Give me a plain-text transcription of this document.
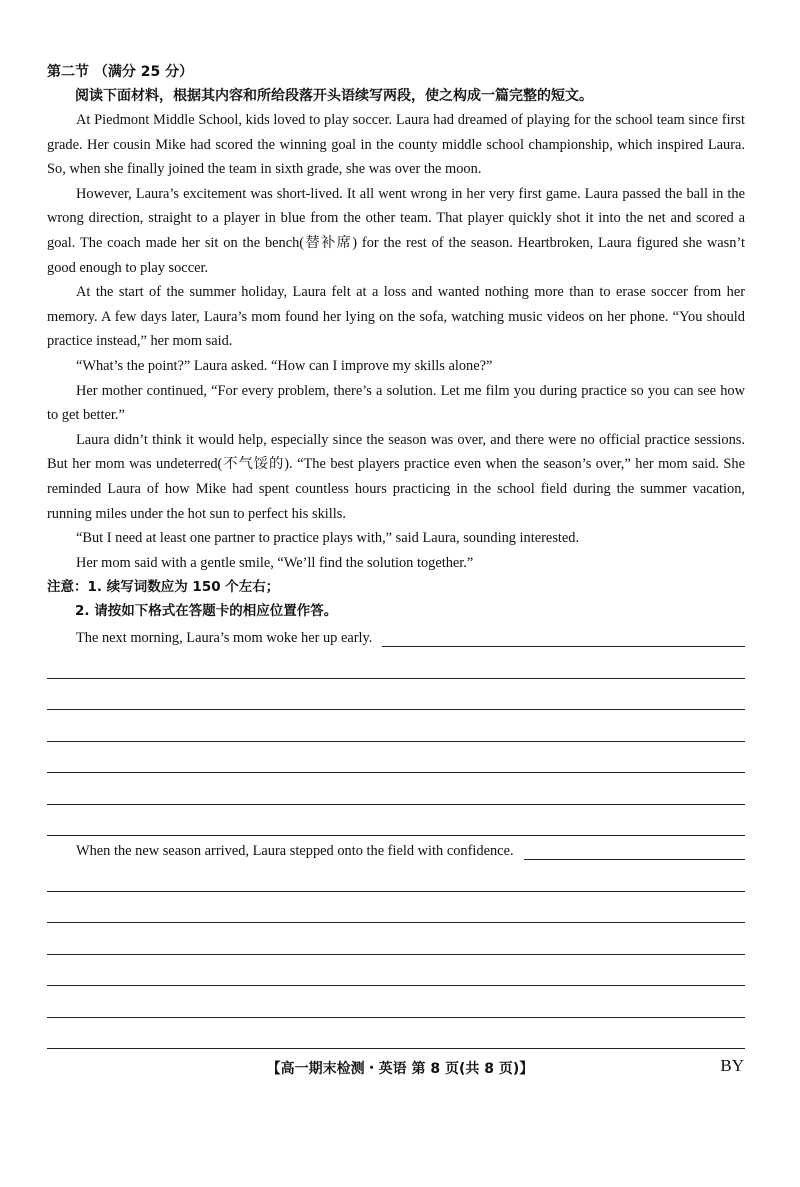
第二节 （满分 25 分）

阅读下面材料，根据其内容和所给段落开头语续写两段，使之构成一篇完整的短文。

At Piedmont Middle School, kids loved to play soccer. Laura had dreamed of playing for the school team since first grade. Her cousin Mike had scored the winning goal in the county middle school championship, which inspired Laura. So, when she finally joined the team in sixth grade, she was over the moon.

However, Laura’s excitement was short-lived. It all went wrong in her very first game. Laura passed the ball in the wrong direction, straight to a player in blue from the other team. That player quickly shot it into the net and scored a goal. The coach made her sit on the bench(替补席) for the rest of the season. Heartbroken, Laura figured she wasn’t good enough to play soccer.

At the start of the summer holiday, Laura felt at a loss and wanted nothing more than to erase soccer from her memory. A few days later, Laura’s mom found her lying on the sofa, watching music videos on her phone. “You should practice instead,” her mom said.

“What’s the point?” Laura asked. “How can I improve my skills alone?”

Her mother continued, “For every problem, there’s a solution. Let me film you during practice so you can see how to get better.”

Laura didn’t think it would help, especially since the season was over, and there were no official practice sessions. But her mom was undeterred(不气馁的). “The best players practice even when the season’s over,” her mom said. She reminded Laura of how Mike had spent countless hours practicing in the school field during the summer vacation, running miles under the hot sun to perfect his skills.

“But I need at least one partner to practice plays with,” said Laura, sounding interested.

Her mom said with a gentle smile, “We’ll find the solution together.”

注意：1. 续写词数应为 150 个左右；

2. 请按如下格式在答题卡的相应位置作答。

The next morning, Laura’s mom woke her up early.
When the new season arrived, Laura stepped onto the field with confidence.
【高一期末检测・英语 第 8 页(共 8 页)】	BY
